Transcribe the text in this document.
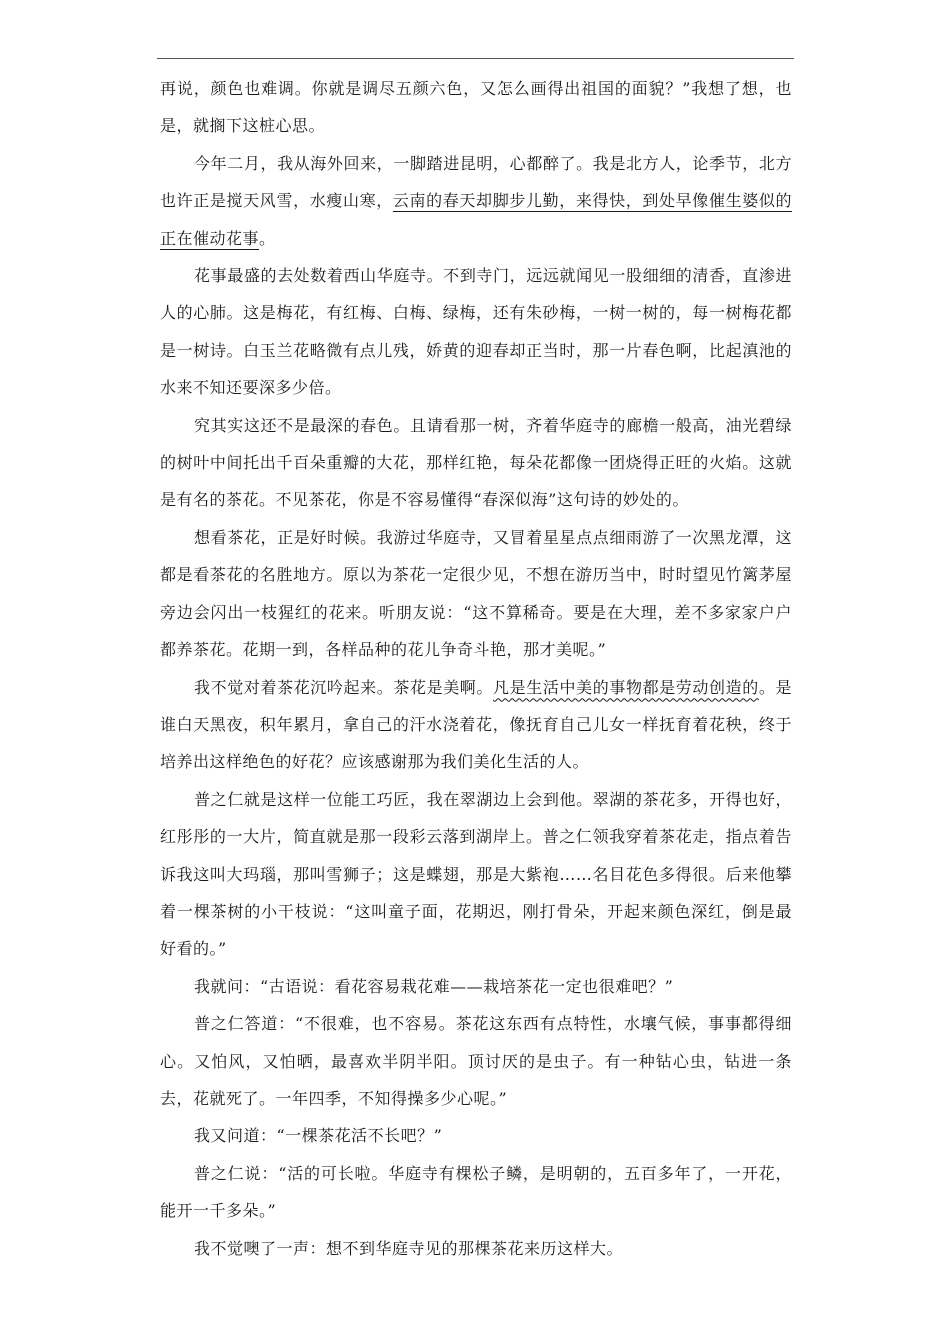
再说，颜色也难调。你就是调尽五颜六色，又怎么画得出祖国的面貌？”我想了想，也是，就搁下这桩心思。

今年二月，我从海外回来，一脚踏进昆明，心都醉了。我是北方人，论季节，北方也许正是搅天风雪，水瘦山寒，云南的春天却脚步儿勤，来得快，到处早像催生婆似的正在催动花事。

花事最盛的去处数着西山华庭寺。不到寺门，远远就闻见一股细细的清香，直渗进人的心肺。这是梅花，有红梅、白梅、绿梅，还有朱砂梅，一树一树的，每一树梅花都是一树诗。白玉兰花略微有点儿残，娇黄的迎春却正当时，那一片春色啊，比起滇池的水来不知还要深多少倍。

究其实这还不是最深的春色。且请看那一树，齐着华庭寺的廊檐一般高，油光碧绿的树叶中间托出千百朵重瓣的大花，那样红艳，每朵花都像一团烧得正旺的火焰。这就是有名的茶花。不见茶花，你是不容易懂得“春深似海”这句诗的妙处的。

想看茶花，正是好时候。我游过华庭寺，又冒着星星点点细雨游了一次黑龙潭，这都是看茶花的名胜地方。原以为茶花一定很少见，不想在游历当中，时时望见竹篱茅屋旁边会闪出一枝猩红的花来。听朋友说：“这不算稀奇。要是在大理，差不多家家户户都养茶花。花期一到，各样品种的花儿争奇斗艳，那才美呢。”

我不觉对着茶花沉吟起来。茶花是美啊。凡是生活中美的事物都是劳动创造的。是谁白天黑夜，积年累月，拿自己的汗水浇着花，像抚育自己儿女一样抚育着花秧，终于培养出这样绝色的好花？应该感谢那为我们美化生活的人。

普之仁就是这样一位能工巧匠，我在翠湖边上会到他。翠湖的茶花多，开得也好，红彤彤的一大片，简直就是那一段彩云落到湖岸上。普之仁领我穿着茶花走，指点着告诉我这叫大玛瑙，那叫雪狮子；这是蝶翅，那是大紫袍……名目花色多得很。后来他攀着一棵茶树的小干枝说：“这叫童子面，花期迟，刚打骨朵，开起来颜色深红，倒是最好看的。”

我就问：“古语说：看花容易栽花难——栽培茶花一定也很难吧？”

普之仁答道：“不很难，也不容易。茶花这东西有点特性，水壤气候，事事都得细心。又怕风，又怕晒，最喜欢半阴半阳。顶讨厌的是虫子。有一种钻心虫，钻进一条去，花就死了。一年四季，不知得操多少心呢。”

我又问道：“一棵茶花活不长吧？”

普之仁说：“活的可长啦。华庭寺有棵松子鳞，是明朝的，五百多年了，一开花，能开一千多朵。”

我不觉噢了一声：想不到华庭寺见的那棵茶花来历这样大。
